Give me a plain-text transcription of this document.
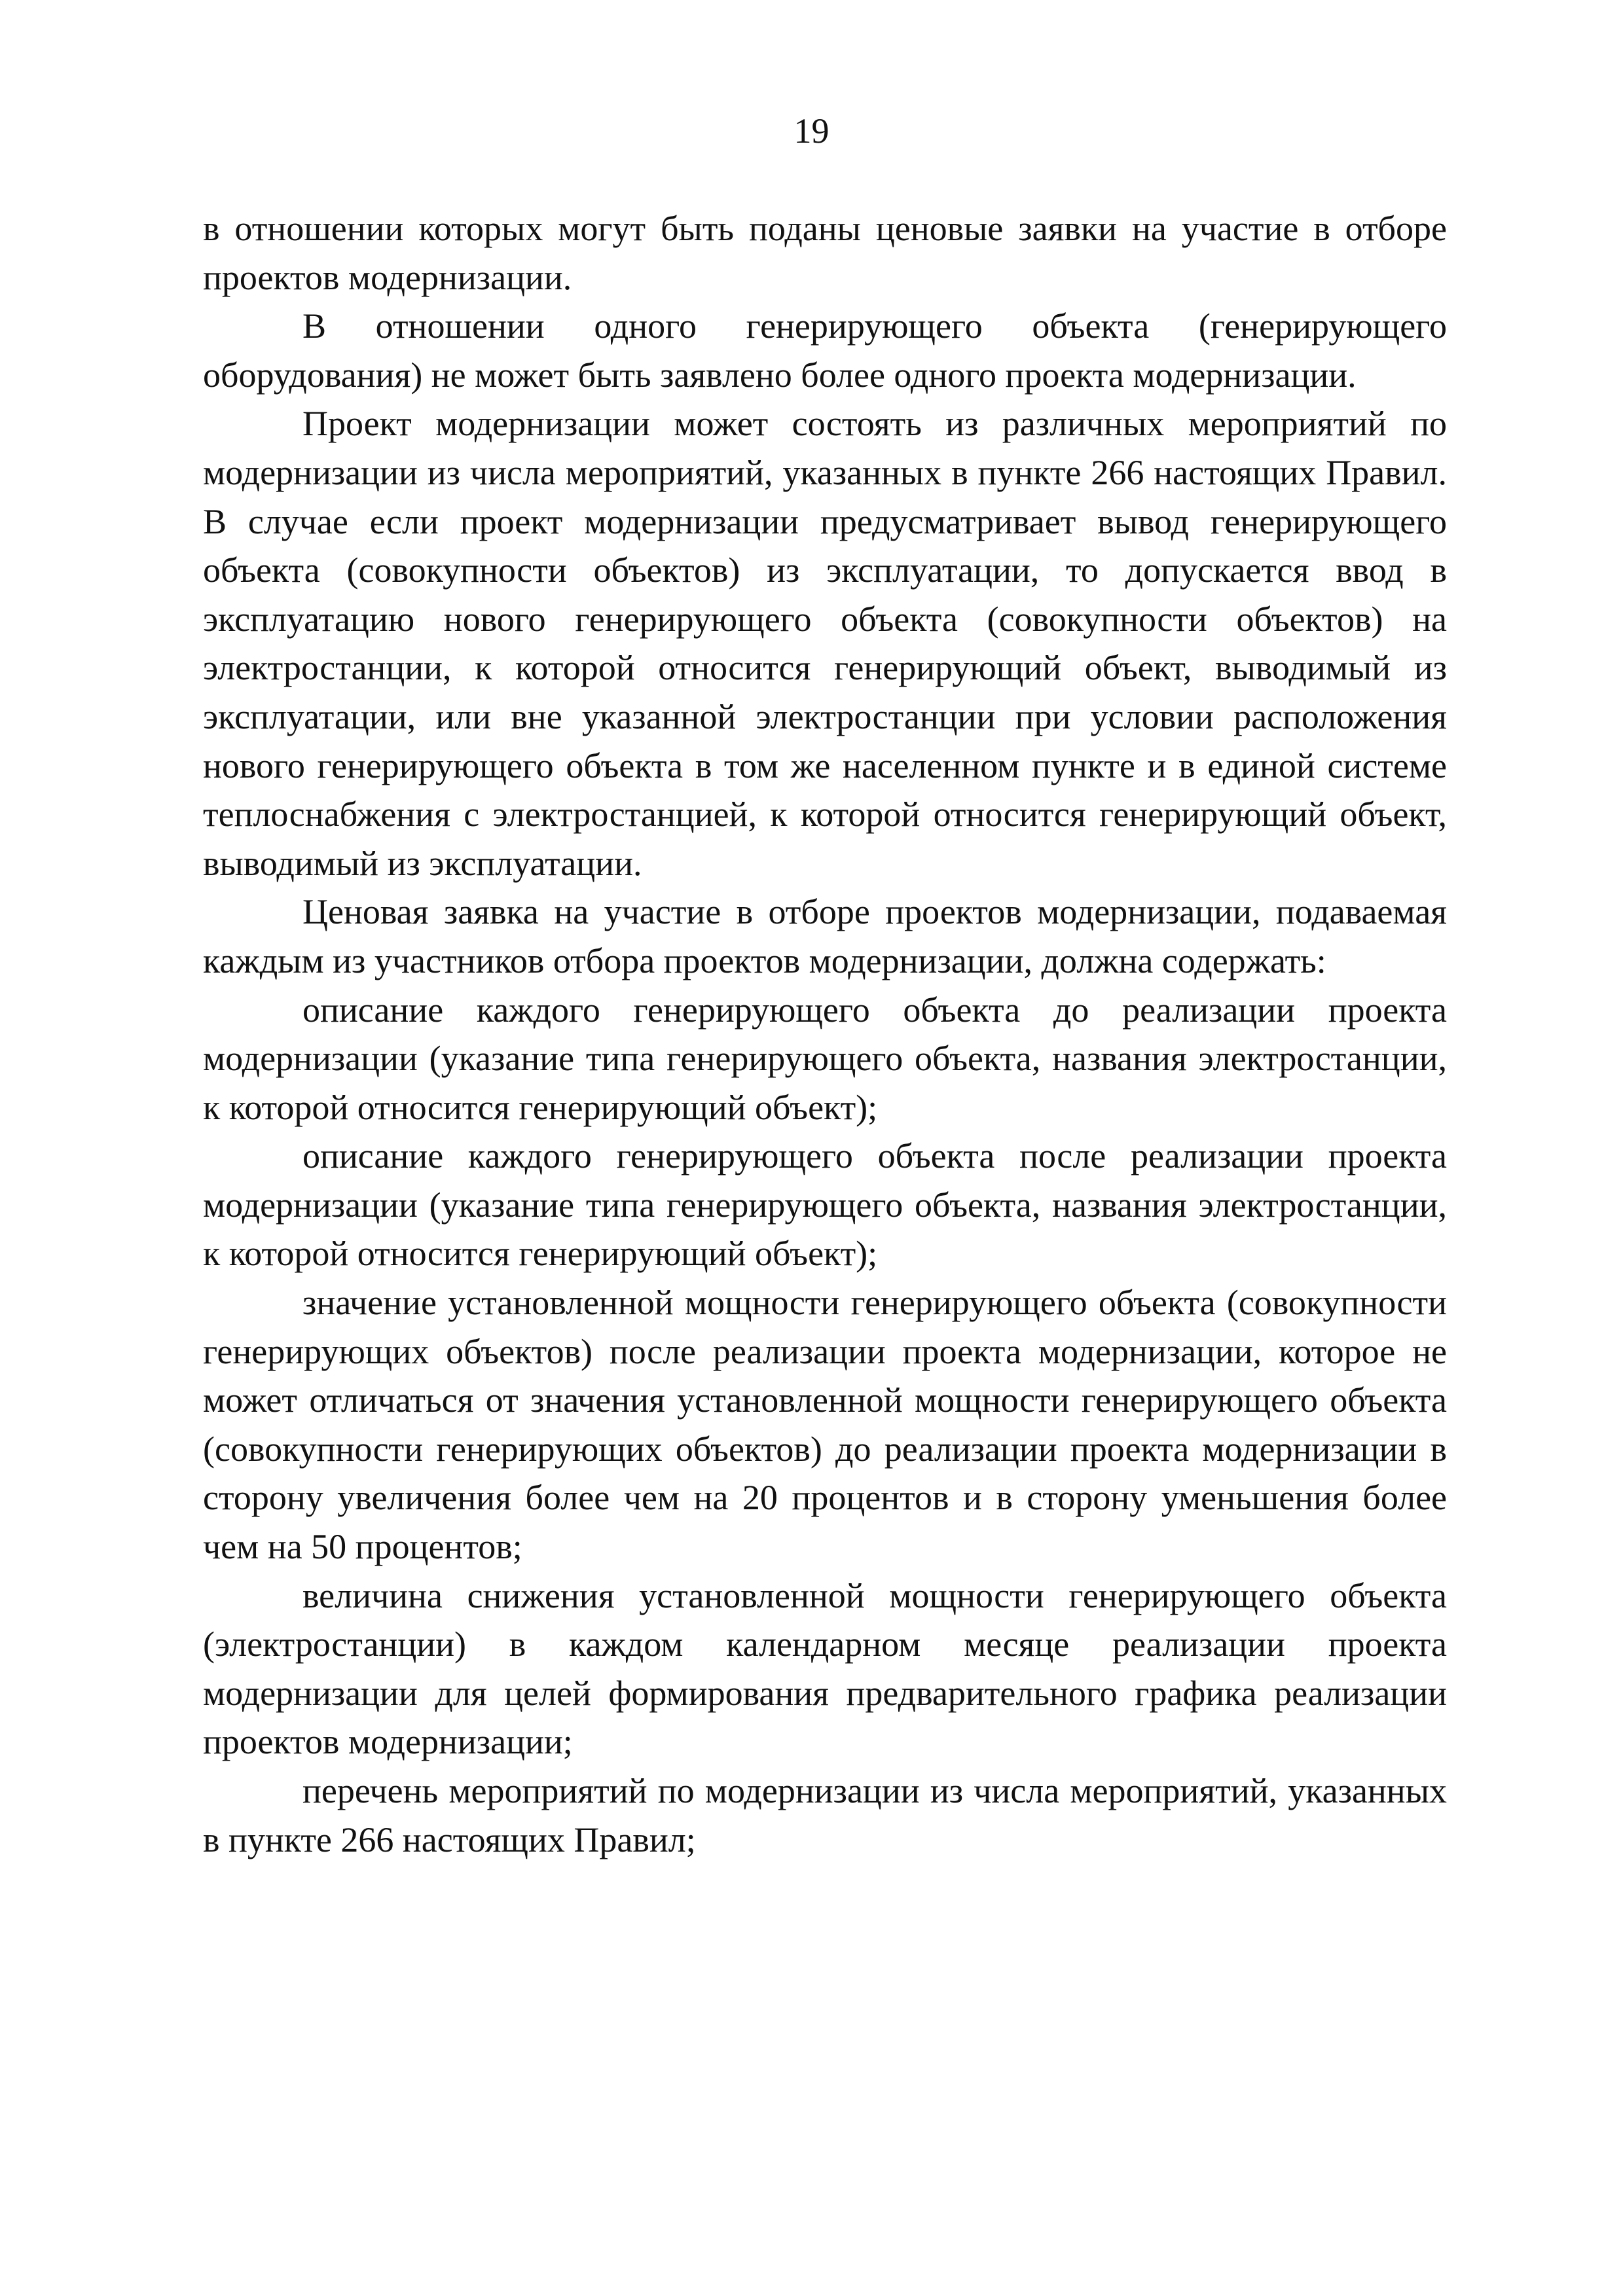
19

в отношении которых могут быть поданы ценовые заявки на участие в отборе проектов модернизации.

В отношении одного генерирующего объекта (генерирующего оборудования) не может быть заявлено более одного проекта модернизации.

Проект модернизации может состоять из различных мероприятий по модернизации из числа мероприятий, указанных в пункте 266 настоящих Правил. В случае если проект модернизации предусматривает вывод генерирующего объекта (совокупности объектов) из эксплуатации, то допускается ввод в эксплуатацию нового генерирующего объекта (совокупности объектов) на электростанции, к которой относится генерирующий объект, выводимый из эксплуатации, или вне указанной электростанции при условии расположения нового генерирующего объекта в том же населенном пункте и в единой системе теплоснабжения с электростанцией, к которой относится генерирующий объект, выводимый из эксплуатации.

Ценовая заявка на участие в отборе проектов модернизации, подаваемая каждым из участников отбора проектов модернизации, должна содержать:

описание каждого генерирующего объекта до реализации проекта модернизации (указание типа генерирующего объекта, названия электростанции, к которой относится генерирующий объект);

описание каждого генерирующего объекта после реализации проекта модернизации (указание типа генерирующего объекта, названия электростанции, к которой относится генерирующий объект);

значение установленной мощности генерирующего объекта (совокупности генерирующих объектов) после реализации проекта модернизации, которое не может отличаться от значения установленной мощности генерирующего объекта (совокупности генерирующих объектов) до реализации проекта модернизации в сторону увеличения более чем на 20 процентов и в сторону уменьшения более чем на 50 процентов;

величина снижения установленной мощности генерирующего объекта (электростанции) в каждом календарном месяце реализации проекта модернизации для целей формирования предварительного графика реализации проектов модернизации;

перечень мероприятий по модернизации из числа мероприятий, указанных в пункте 266 настоящих Правил;
